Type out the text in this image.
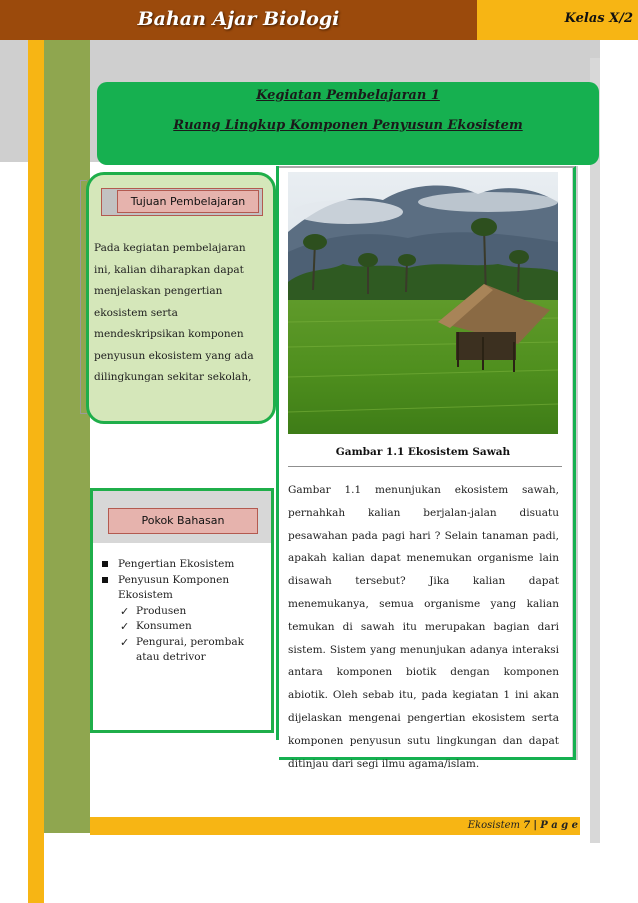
Bahan Ajar Biologi	Kelas X/2
Kegiatan Pembelajaran 1
Ruang Lingkup Komponen Penyusun Ekosistem
Tujuan Pembelajaran
Pada kegiatan pembelajaran
ini, kalian diharapkan dapat
menjelaskan pengertian
ekosistem serta
mendeskripsikan komponen
penyusun ekosistem yang ada
dilingkungan sekitar sekolah,
Pokok Bahasan
Pengertian Ekosistem
Penyusun Komponen
Ekosistem
✓ Produsen
✓ Konsumen
✓ Pengurai, perombak
atau detrivor
Gambar 1.1 Ekosistem Sawah
Gambar 1.1 menunjukan ekosistem sawah, pernahkah kalian berjalan-jalan disuatu pesawahan pada pagi hari ? Selain tanaman padi, apakah kalian dapat menemukan organisme lain disawah tersebut? Jika kalian dapat menemukanya, semua organisme yang kalian temukan di sawah itu merupakan bagian dari sistem. Sistem yang menunjukan adanya interaksi antara komponen biotik dengan komponen abiotik. Oleh sebab itu, pada kegiatan 1 ini akan dijelaskan mengenai pengertian ekosistem serta komponen penyusun sutu lingkungan dan dapat ditinjau dari segi ilmu agama/islam.
Ekosistem 7 | P a g e
